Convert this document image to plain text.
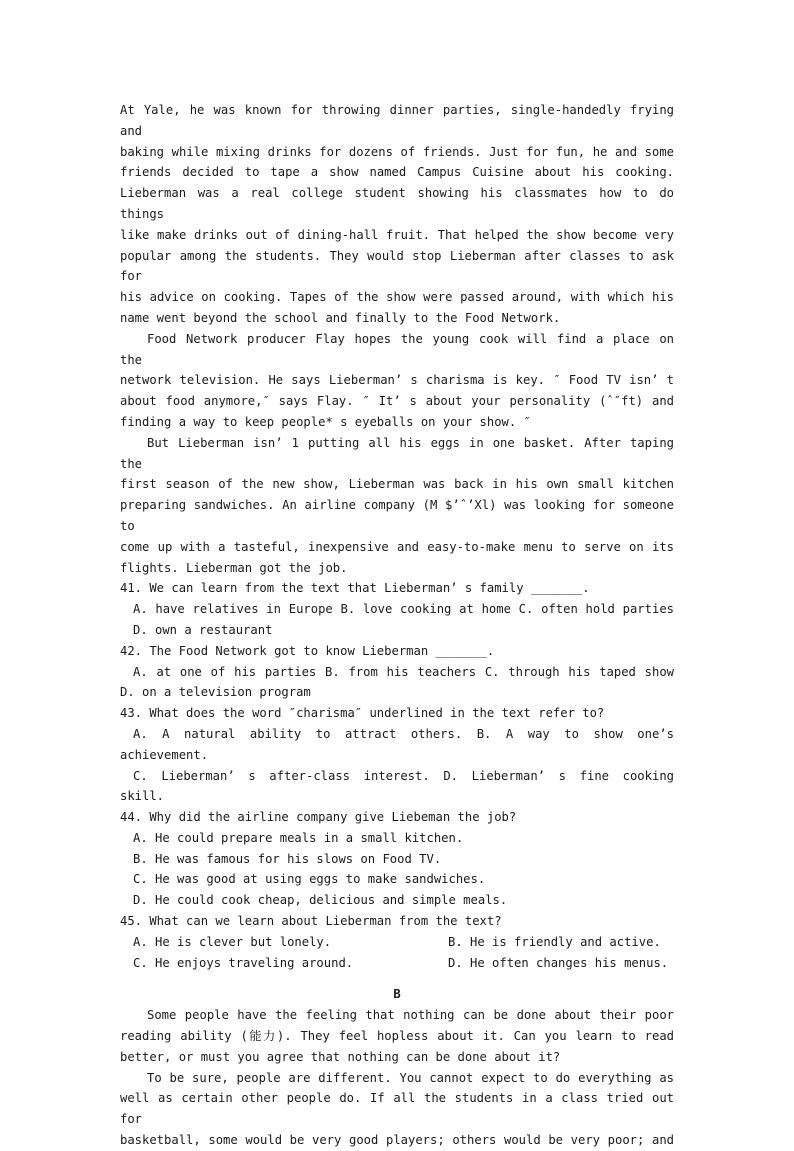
At Yale, he was known for throwing dinner parties, single-handedly frying and

baking while mixing drinks for dozens of friends. Just for fun, he and some

friends decided to tape a show named Campus Cuisine about his cooking.

Lieberman was a real college student showing his classmates how to do things

like make drinks out of dining-hall fruit. That helped the show become very

popular among the students. They would stop Lieberman after classes to ask for

his advice on cooking. Tapes of the show were passed around, with which his

name went beyond the school and finally to the Food Network.

Food Network producer Flay hopes the young cook will find a place on the

network television. He says Lieberman’ s charisma is key. ″ Food TV isn’ t

about food anymore,″ says Flay. ″ It’ s about your personality (ˆ″ft) and

finding a way to keep people* s eyeballs on your show. ″

But Lieberman isn’ 1 putting all his eggs in one basket. After taping the

first season of the new show, Lieberman was back in his own small kitchen

preparing sandwiches. An airline company (M $’ˆ’Xl) was looking for someone to

come up with a tasteful, inexpensive and easy-to-make menu to serve on its

flights. Lieberman got the job.

41. We can learn from the text that Lieberman’ s family _______.

A. have relatives in Europe B. love cooking at home C. often hold parties

D. own a restaurant

42. The Food Network got to know Lieberman _______.

A. at one of his parties B. from his teachers C. through his taped show

D. on a television program

43. What does the word ″charisma″ underlined in the text refer to?

A. A natural ability to attract others. B. A way to show one’s

achievement.

C. Lieberman’ s after-class interest. D. Lieberman’ s fine cooking

skill.

44. Why did the airline company give Liebeman the job?

A. He could prepare meals in a small kitchen.

B. He was famous for his slows on Food TV.

C. He was good at using eggs to make sandwiches.

D. He could cook cheap, delicious and simple meals.

45. What can we learn about Lieberman from the text?

A. He is clever but lonely.	B. He is friendly and active.
C. He enjoys traveling around.	D. He often changes his menus.

B

Some people have the feeling that nothing can be done about their poor

reading ability (能力). They feel hopless about it. Can you learn to read

better, or must you agree that nothing can be done about it?

To be sure, people are different. You cannot expect to do everything as

well as certain other people do. If all the students in a class tried out for

basketball, some would be very good players; others would be very poor; and
